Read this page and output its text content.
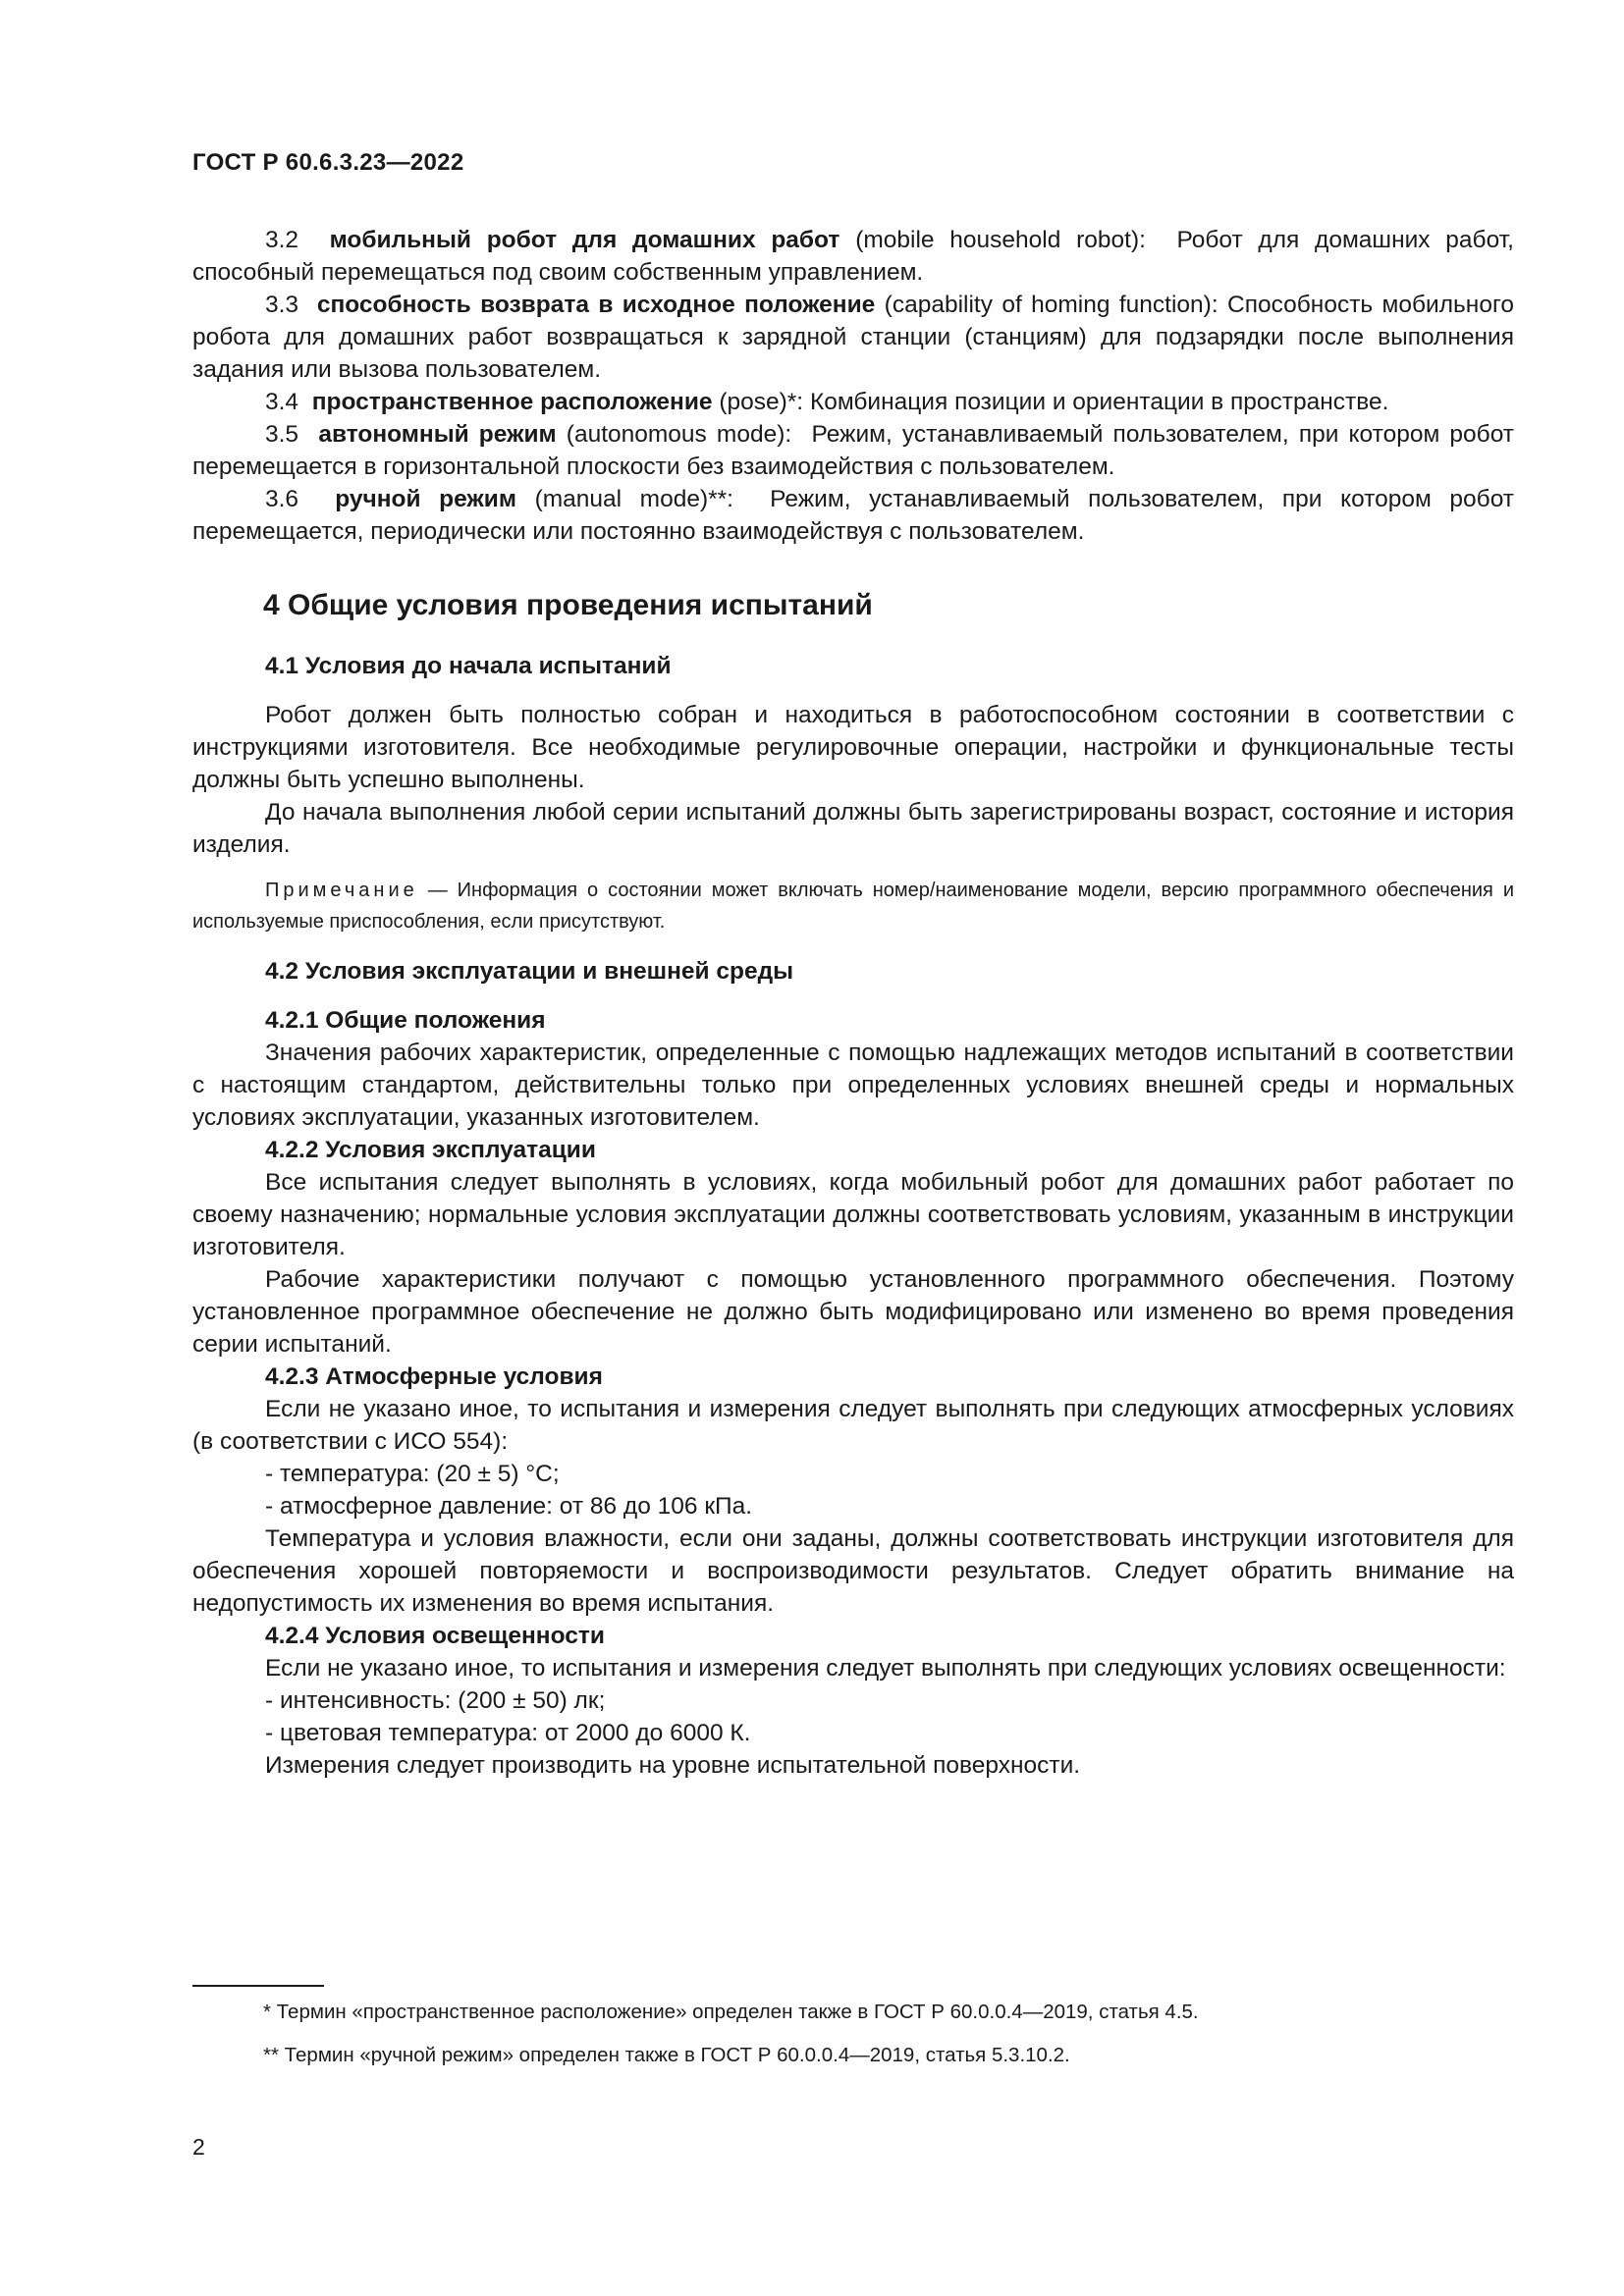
ГОСТ Р 60.6.3.23—2022

3.2 мобильный робот для домашних работ (mobile household robot): Робот для домашних работ, способный перемещаться под своим собственным управлением.

3.3 способность возврата в исходное положение (capability of homing function): Способность мобильного робота для домашних работ возвращаться к зарядной станции (станциям) для подзарядки после выполнения задания или вызова пользователем.

3.4 пространственное расположение (pose)*: Комбинация позиции и ориентации в пространстве.

3.5 автономный режим (autonomous mode): Режим, устанавливаемый пользователем, при котором робот перемещается в горизонтальной плоскости без взаимодействия с пользователем.

3.6 ручной режим (manual mode)**: Режим, устанавливаемый пользователем, при котором робот перемещается, периодически или постоянно взаимодействуя с пользователем.

4 Общие условия проведения испытаний
4.1 Условия до начала испытаний

Робот должен быть полностью собран и находиться в работоспособном состоянии в соответствии с инструкциями изготовителя. Все необходимые регулировочные операции, настройки и функциональные тесты должны быть успешно выполнены.

До начала выполнения любой серии испытаний должны быть зарегистрированы возраст, состояние и история изделия.

Примечание — Информация о состоянии может включать номер/наименование модели, версию программного обеспечения и используемые приспособления, если присутствуют.

4.2 Условия эксплуатации и внешней среды

4.2.1 Общие положения

Значения рабочих характеристик, определенные с помощью надлежащих методов испытаний в соответствии с настоящим стандартом, действительны только при определенных условиях внешней среды и нормальных условиях эксплуатации, указанных изготовителем.

4.2.2 Условия эксплуатации

Все испытания следует выполнять в условиях, когда мобильный робот для домашних работ работает по своему назначению; нормальные условия эксплуатации должны соответствовать условиям, указанным в инструкции изготовителя.

Рабочие характеристики получают с помощью установленного программного обеспечения. Поэтому установленное программное обеспечение не должно быть модифицировано или изменено во время проведения серии испытаний.

4.2.3 Атмосферные условия

Если не указано иное, то испытания и измерения следует выполнять при следующих атмосферных условиях (в соответствии с ИСО 554):

- температура: (20 ± 5) °С;

- атмосферное давление: от 86 до 106 кПа.

Температура и условия влажности, если они заданы, должны соответствовать инструкции изготовителя для обеспечения хорошей повторяемости и воспроизводимости результатов. Следует обратить внимание на недопустимость их изменения во время испытания.

4.2.4 Условия освещенности

Если не указано иное, то испытания и измерения следует выполнять при следующих условиях освещенности:

- интенсивность: (200 ± 50) лк;

- цветовая температура: от 2000 до 6000 К.

Измерения следует производить на уровне испытательной поверхности.

* Термин «пространственное расположение» определен также в ГОСТ Р 60.0.0.4—2019, статья 4.5.

** Термин «ручной режим» определен также в ГОСТ Р 60.0.0.4—2019, статья 5.3.10.2.

2
